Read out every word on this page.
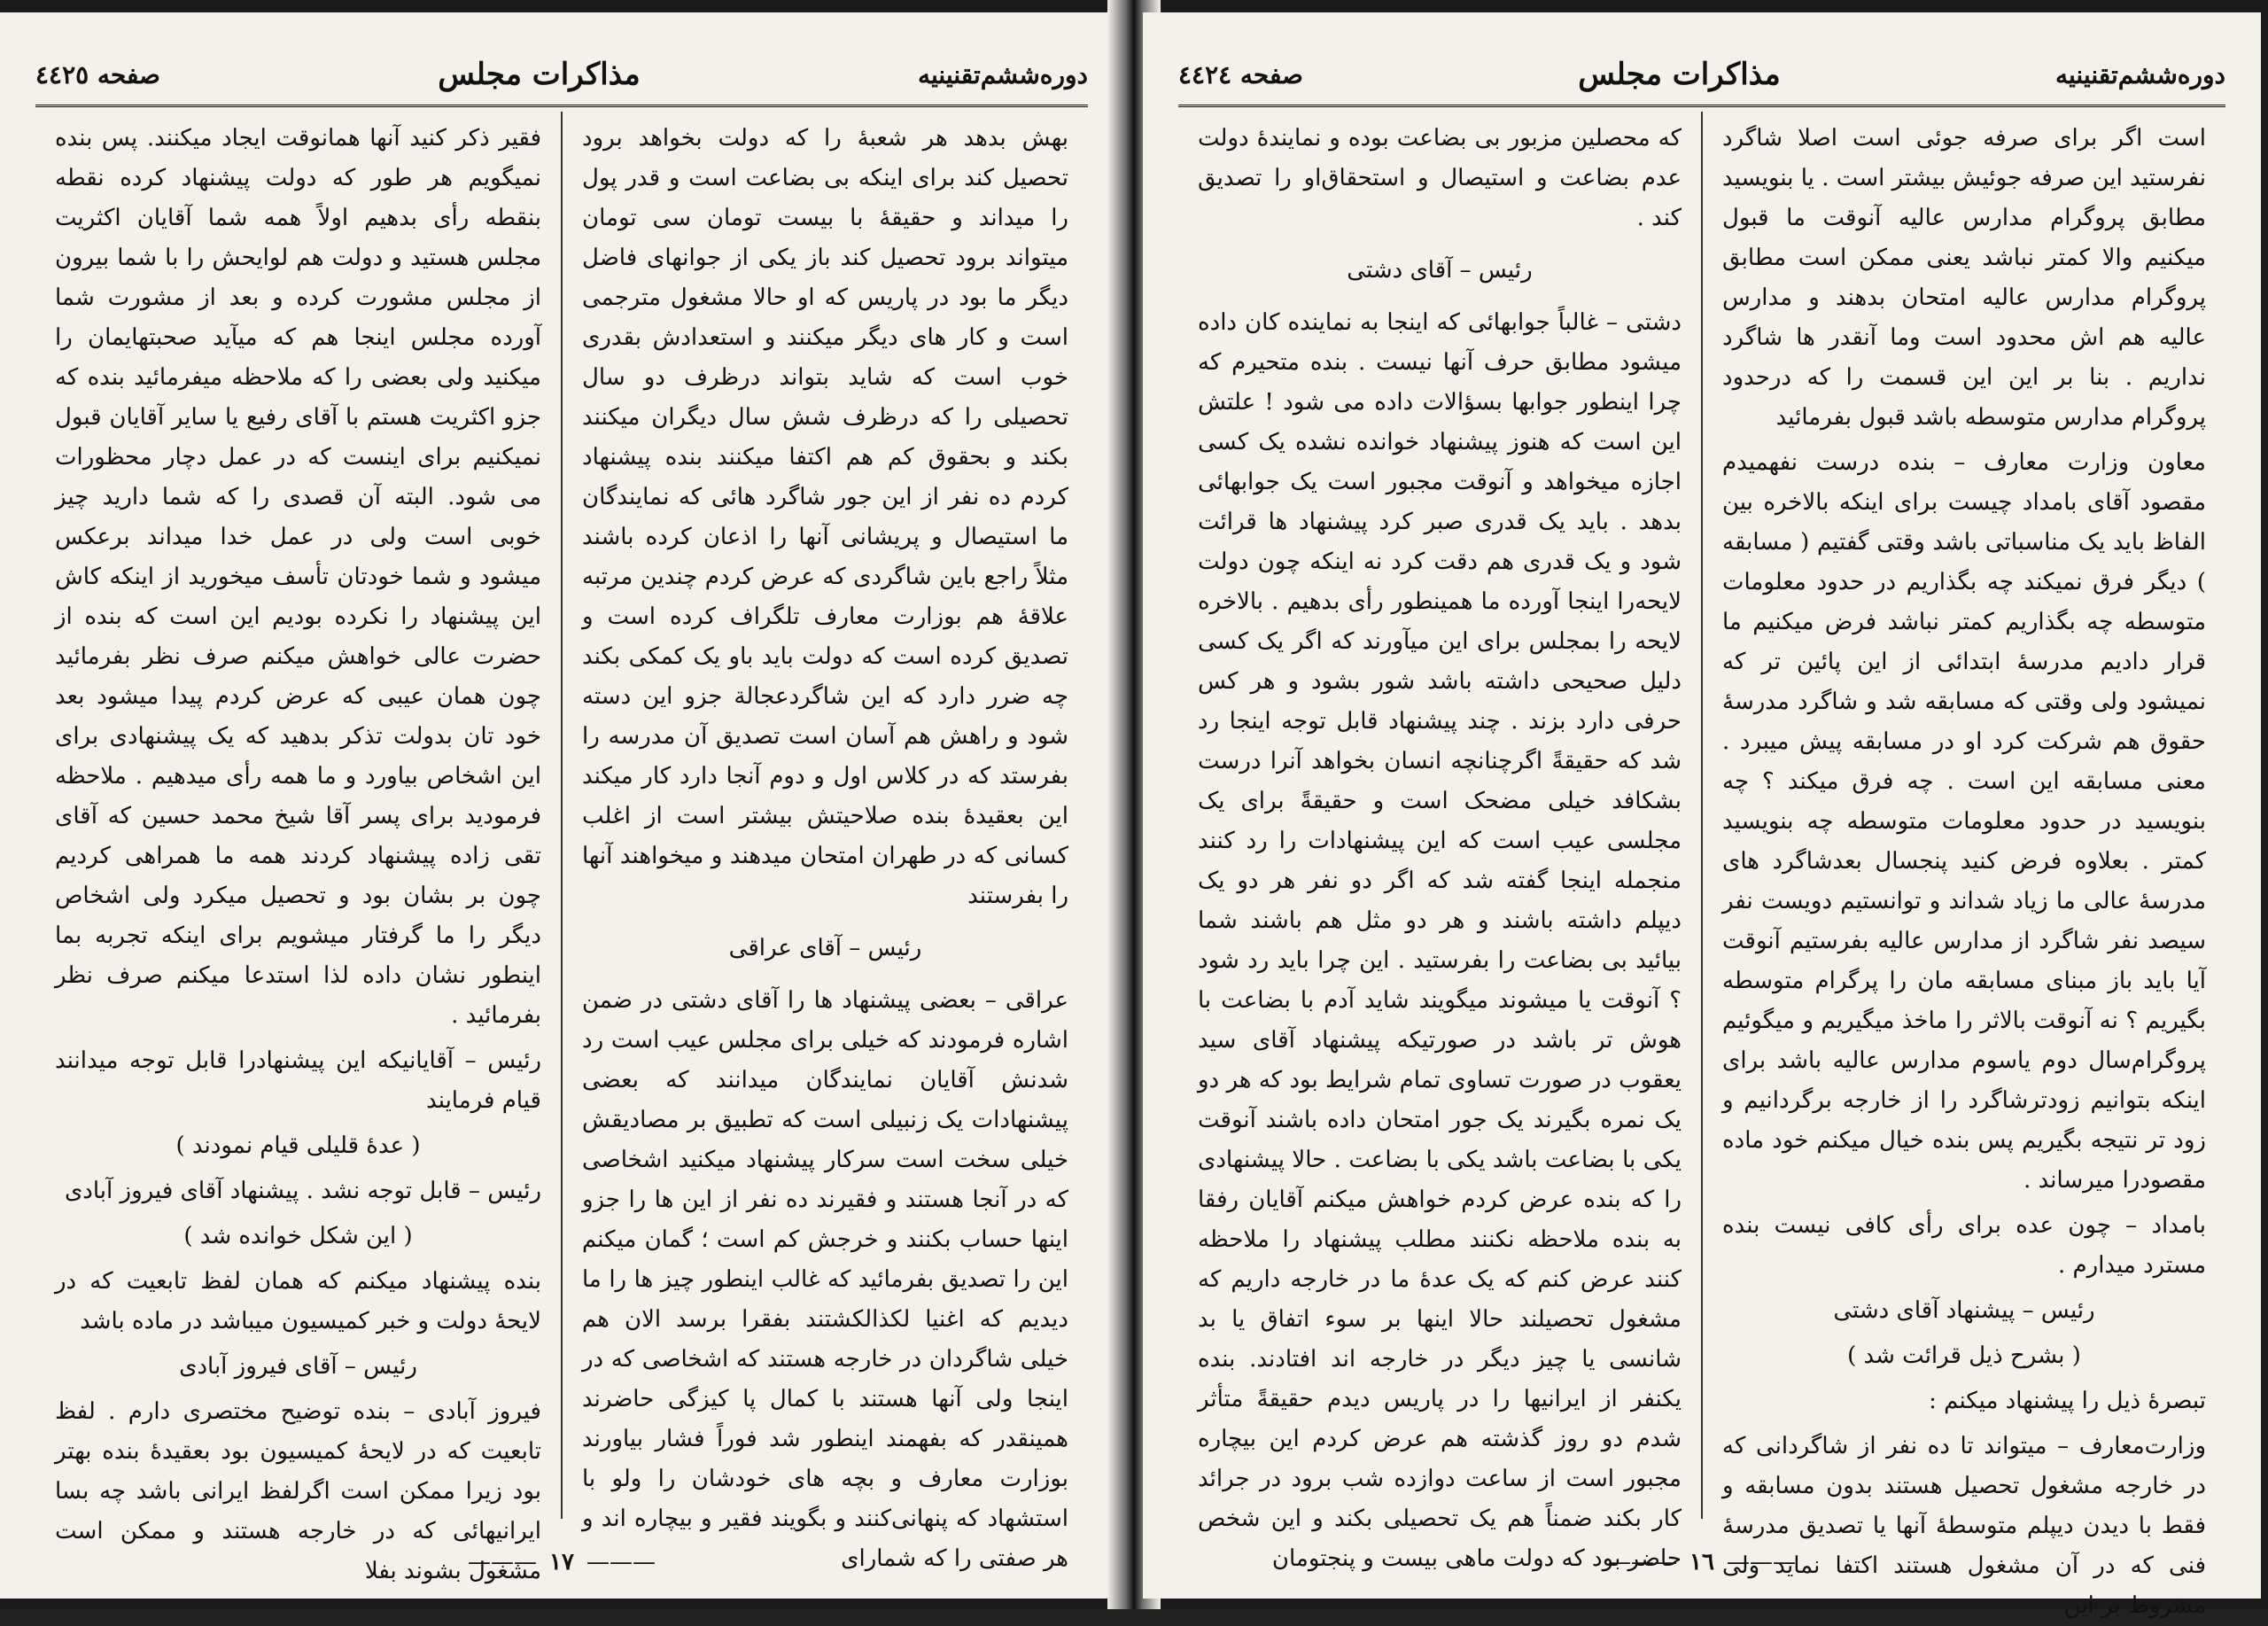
دوره‌ششم‌تقنینیه
مذاکرات مجلس
صفحه ٤٤٢٥

بهش بدهد هر شعبهٔ را که دولت بخواهد برود تحصیل کند برای اینکه بی بضاعت است و قدر پول را میداند و حقیقهٔ با بیست تومان سی تومان میتواند برود تحصیل کند باز یکی از جوانهای فاضل دیگر ما بود در پاریس که او حالا مشغول مترجمی است و کار های دیگر میکنند و استعدادش بقدری خوب است که شاید بتواند درظرف دو سال تحصیلی را که درظرف شش سال دیگران میکنند بکند و بحقوق کم هم اکتفا میکنند بنده پیشنهاد کردم ده نفر از این جور شاگرد هائی که نمایندگان ما استیصال و پریشانی آنها را اذعان کرده باشند مثلاً راجع باین شاگردی که عرض کردم چندین مرتبه علاقهٔ هم بوزارت معارف تلگراف کرده است و تصدیق کرده است که دولت باید باو یک کمکی بکند چه ضرر دارد که این شاگردعجالة جزو این دسته شود و راهش هم آسان است تصدیق آن مدرسه را بفرستد که در کلاس اول و دوم آنجا دارد کار میکند این بعقیدهٔ بنده صلاحیتش بیشتر است از اغلب کسانی که در طهران امتحان میدهند و میخواهند آنها را بفرستند

رئیس – آقای عراقی

عراقی – بعضی پیشنهاد ها را آقای دشتی در ضمن اشاره فرمودند که خیلی برای مجلس عیب است رد شدنش آقایان نمایندگان میدانند که بعضی پیشنهادات یک زنبیلی است که تطبیق بر مصادیقش خیلی سخت است سرکار پیشنهاد میکنید اشخاصی که در آنجا هستند و فقیرند ده نفر از این ها را جزو اینها حساب بکنند و خرجش کم است ؛ گمان میکنم این را تصدیق بفرمائید که غالب اینطور چیز ها را ما دیدیم که اغنیا لکذالکشتند بفقرا برسد الان هم خیلی شاگردان در خارجه هستند که اشخاصی که در اینجا ولی آنها هستند با کمال پا کیزگی حاضرند همینقدر که بفهمند اینطور شد فوراً فشار بیاورند بوزارت معارف و بچه های خودشان را ولو با استشهاد که پنهانی‌کنند و بگویند فقیر و بیچاره اند و هر صفتی را که شمارای

فقیر ذکر کنید آنها همانوقت ایجاد میکنند. پس بنده نمیگویم هر طور که دولت پیشنهاد کرده نقطه بنقطه رأی بدهیم اولاً همه شما آقایان اکثریت مجلس هستید و دولت هم لوایحش را با شما بیرون از مجلس مشورت کرده و بعد از مشورت شما آورده مجلس اینجا هم که میآید صحبتهایمان را میکنید ولی بعضی را که ملاحظه میفرمائید بنده که جزو اکثریت هستم با آقای رفیع یا سایر آقایان قبول نمیکنیم برای اینست که در عمل دچار محظورات می شود. البته آن قصدی را که شما دارید چیز خوبی است ولی در عمل خدا میداند برعکس میشود و شما خودتان تأسف میخورید از اینکه کاش این پیشنهاد را نکرده بودیم این است که بنده از حضرت عالی خواهش میکنم صرف نظر بفرمائید چون همان عیبی که عرض کردم پیدا میشود بعد خود تان بدولت تذکر بدهید که یک پیشنهادی برای این اشخاص بیاورد و ما همه رأی میدهیم . ملاحظه فرمودید برای پسر آقا شیخ محمد حسین که آقای تقی زاده پیشنهاد کردند همه ما همراهی کردیم چون بر بشان بود و تحصیل میکرد ولی اشخاص دیگر را ما گرفتار میشویم برای اینکه تجربه بما اینطور نشان داده لذا استدعا میکنم صرف نظر بفرمائید .

رئیس – آقایانیکه این پیشنهادرا قابل توجه میدانند قیام فرمایند

( عدهٔ قلیلی قیام نمودند )

رئیس – قابل توجه نشد . پیشنهاد آقای فیروز آبادی

( این شکل خوانده شد )

بنده پیشنهاد میکنم که همان لفظ تابعیت که در لایحهٔ دولت و خبر کمیسیون میباشد در ماده باشد

رئیس – آقای فیروز آبادی

فیروز آبادی – بنده توضیح مختصری دارم . لفظ تابعیت که در لایحهٔ کمیسیون بود بعقیدهٔ بنده بهتر بود زیرا ممکن است اگرلفظ ایرانی باشد چه بسا ایرانیهائی که در خارجه هستند و ممکن است مشغول بشوند بفلا ——— ١٧ ———
دوره‌ششم‌تقنینیه
مذاکرات مجلس
صفحه ٤٤٢٤

است اگر برای صرفه جوئی است اصلا شاگرد نفرستید این صرفه جوئیش بیشتر است . یا بنویسید مطابق پروگرام مدارس عالیه آنوقت ما قبول میکنیم والا کمتر نباشد یعنی ممکن است مطابق پروگرام مدارس عالیه امتحان بدهند و مدارس عالیه هم اش محدود است وما آنقدر ها شاگرد نداریم . بنا بر این این قسمت را که درحدود پروگرام مدارس متوسطه باشد قبول بفرمائید

معاون وزارت معارف – بنده درست نفهمیدم مقصود آقای بامداد چیست برای اینکه بالاخره بین الفاظ باید یک مناسباتی باشد وقتی گفتیم ( مسابقه ) دیگر فرق نمیکند چه بگذاریم در حدود معلومات متوسطه چه بگذاریم کمتر نباشد فرض میکنیم ما قرار دادیم مدرسهٔ ابتدائی از این پائین تر که نمیشود ولی وقتی که مسابقه شد و شاگرد مدرسهٔ حقوق هم شرکت کرد او در مسابقه پیش میبرد . معنی مسابقه این است . چه فرق میکند ؟ چه بنویسید در حدود معلومات متوسطه چه بنویسید کمتر . بعلاوه فرض کنید پنجسال بعدشاگرد های مدرسهٔ عالی ما زیاد شداند و توانستیم دویست نفر سیصد نفر شاگرد از مدارس عالیه بفرستیم آنوقت آیا باید باز مبنای مسابقه مان را پرگرام متوسطه بگیریم ؟ نه آنوقت بالاثر را ماخذ میگیریم و میگوئیم پروگرام‌سال دوم یاسوم مدارس عالیه باشد برای اینکه بتوانیم زودترشاگرد را از خارجه برگردانیم و زود تر نتیجه بگیریم پس بنده خیال میکنم خود ماده مقصودرا میرساند .

بامداد – چون عده برای رأی کافی نیست بنده مسترد میدارم .

رئیس – پیشنهاد آقای دشتی

( بشرح ذیل قرائت شد )

تبصرهٔ ذیل را پیشنهاد میکنم :

وزارت‌معارف – میتواند تا ده نفر از شاگردانی که در خارجه مشغول تحصیل هستند بدون مسابقه و فقط با دیدن دیپلم متوسطهٔ آنها یا تصدیق مدرسهٔ فنی که در آن مشغول هستند اکتفا نماید ولی مشروط بر این

که محصلین مزبور بی بضاعت بوده و نمایندهٔ دولت عدم بضاعت و استیصال و استحقاق‌او را تصدیق کند .

رئیس – آقای دشتی

دشتی – غالباً جوابهائی که اینجا به نماینده کان داده میشود مطابق حرف آنها نیست . بنده متحیرم که چرا اینطور جوابها بسؤالات داده می شود ! علتش این است که هنوز پیشنهاد خوانده نشده یک کسی اجازه میخواهد و آنوقت مجبور است یک جوابهائی بدهد . باید یک قدری صبر کرد پیشنهاد ها قرائت شود و یک قدری هم دقت کرد نه اینکه چون دولت لایحه‌را اینجا آورده ما همینطور رأی بدهیم . بالاخره لایحه را بمجلس برای این میآورند که اگر یک کسی دلیل صحیحی داشته باشد شور بشود و هر کس حرفی دارد بزند . چند پیشنهاد قابل توجه اینجا رد شد که حقیقةً اگرچنانچه انسان بخواهد آنرا درست بشکافد خیلی مضحک است و حقیقةً برای یک مجلسی عیب است که این پیشنهادات را رد کنند منجمله اینجا گفته شد که اگر دو نفر هر دو یک دیپلم داشته باشند و هر دو مثل هم باشند شما بیائید بی بضاعت را بفرستید . این چرا باید رد شود ؟ آنوقت یا میشوند میگویند شاید آدم با بضاعت با هوش تر باشد در صورتیکه پیشنهاد آقای سید یعقوب در صورت تساوی تمام شرایط بود که هر دو یک نمره بگیرند یک جور امتحان داده باشند آنوقت یکی با بضاعت باشد یکی با بضاعت . حالا پیشنهادی را که بنده عرض کردم خواهش میکنم آقایان رفقا به بنده ملاحظه نکنند مطلب پیشنهاد را ملاحظه کنند عرض کنم که یک عدهٔ ما در خارجه داریم که مشغول تحصیلند حالا اینها بر سوء اتفاق یا بد شانسی یا چیز دیگر در خارجه اند افتادند. بنده یکنفر از ایرانیها را در پاریس دیدم حقیقةً متأثر شدم دو روز گذشته هم عرض کردم این بیچاره مجبور است از ساعت دوازده شب برود در جرائد کار بکند ضمناً هم یک تحصیلی بکند و این شخص حاضر بود که دولت ماهی بیست و پنجتومان ——— ١٦ ———
